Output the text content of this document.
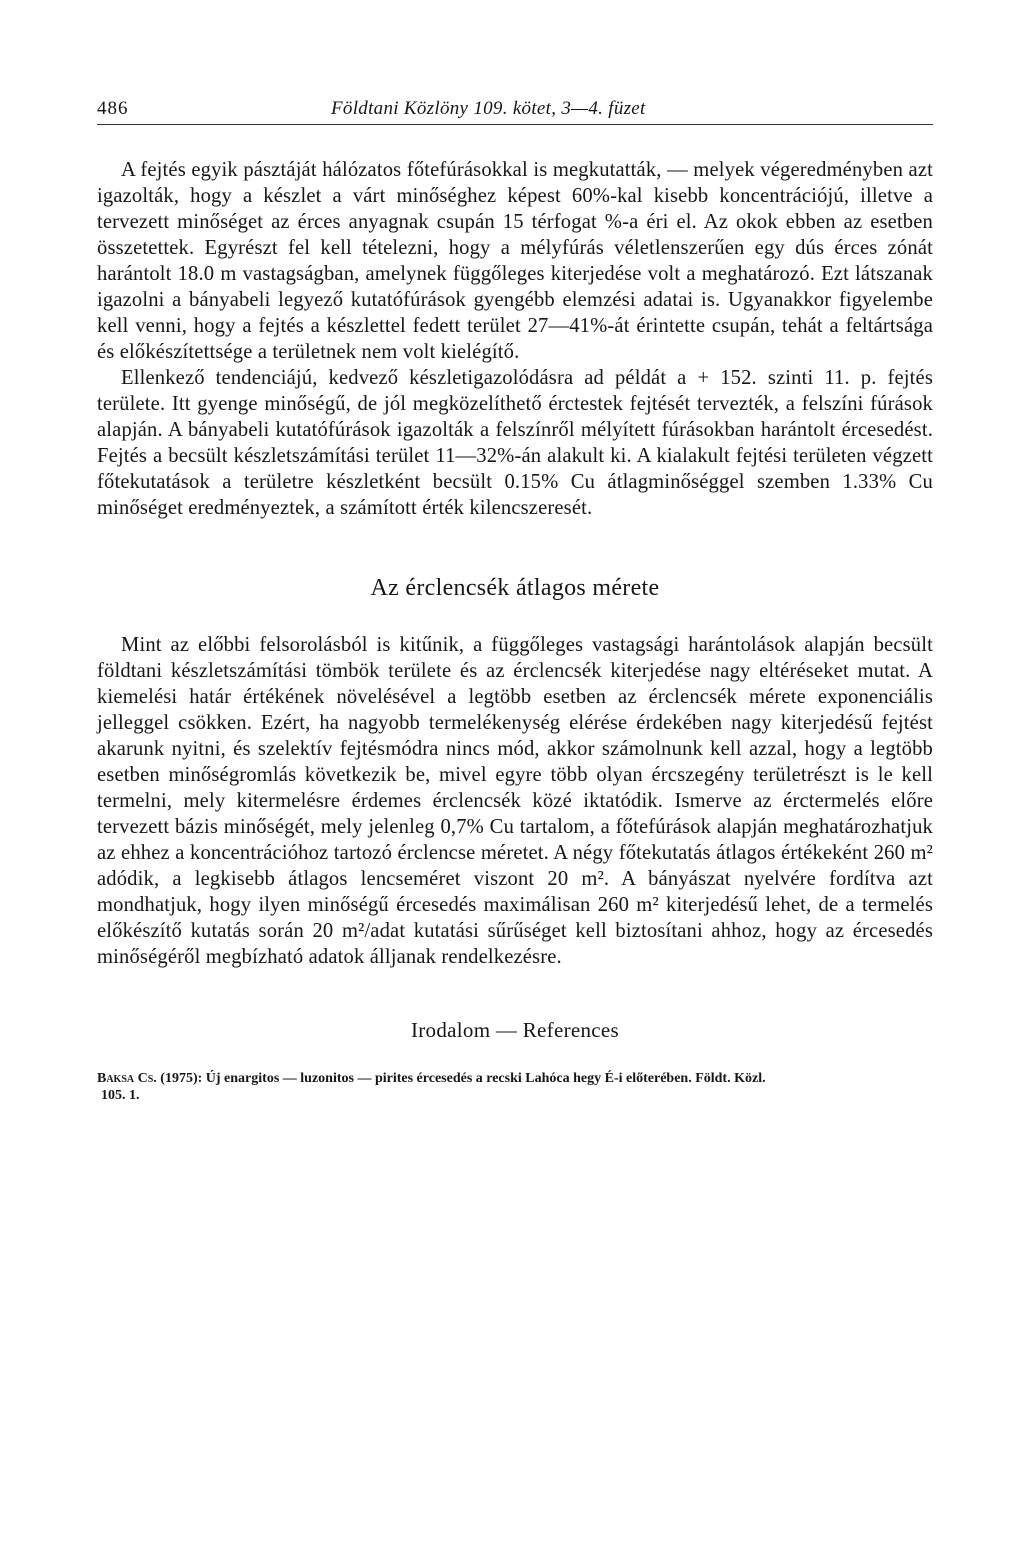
486	Földtani Közlöny 109. kötet, 3—4. füzet

A fejtés egyik pásztáját hálózatos főtefúrásokkal is megkutatták, — melyek végeredményben azt igazolták, hogy a készlet a várt minőséghez képest 60%-kal kisebb koncentrációjú, illetve a tervezett minőséget az érces anyagnak csupán 15 térfogat %-a éri el. Az okok ebben az esetben összetettek. Egyrészt fel kell tételezni, hogy a mélyfúrás véletlenszerűen egy dús érces zónát harántolt 18.0 m vastagságban, amelynek függőleges kiterjedése volt a meghatározó. Ezt látszanak igazolni a bányabeli legyező kutatófúrások gyengébb elemzési adatai is. Ugyanakkor figyelembe kell venni, hogy a fejtés a készlettel fedett terület 27—41%-át érintette csupán, tehát a feltártsága és előkészítettsége a területnek nem volt kielégítő.

Ellenkező tendenciájú, kedvező készletigazolódásra ad példát a + 152. szinti 11. p. fejtés területe. Itt gyenge minőségű, de jól megközelíthető érctestek fejtését tervezték, a felszíni fúrások alapján. A bányabeli kutatófúrások igazolták a felszínről mélyített fúrásokban harántolt ércesedést. Fejtés a becsült készletszámítási terület 11—32%-án alakult ki. A kialakult fejtési területen végzett főtekutatások a területre készletként becsült 0.15% Cu átlagminőséggel szemben 1.33% Cu minőséget eredményeztek, a számított érték kilencszeresét.

Az érclencsék átlagos mérete

Mint az előbbi felsorolásból is kitűnik, a függőleges vastagsági harántolások alapján becsült földtani készletszámítási tömbök területe és az érclencsék kiterjedése nagy eltéréseket mutat. A kiemelési határ értékének növelésével a legtöbb esetben az érclencsék mérete exponenciális jelleggel csökken. Ezért, ha nagyobb termelékenység elérése érdekében nagy kiterjedésű fejtést akarunk nyitni, és szelektív fejtésmódra nincs mód, akkor számolnunk kell azzal, hogy a legtöbb esetben minőségromlás következik be, mivel egyre több olyan ércszegény területrészt is le kell termelni, mely kitermelésre érdemes érclencsék közé iktatódik. Ismerve az érctermelés előre tervezett bázis minőségét, mely jelenleg 0,7% Cu tartalom, a főtefúrások alapján meghatározhatjuk az ehhez a koncentrációhoz tartozó érclencse méretet. A négy főtekutatás átlagos értékeként 260 m² adódik, a legkisebb átlagos lencseméret viszont 20 m². A bányászat nyelvére fordítva azt mondhatjuk, hogy ilyen minőségű ércesedés maximálisan 260 m² kiterjedésű lehet, de a termelés előkészítő kutatás során 20 m²/adat kutatási sűrűséget kell biztosítani ahhoz, hogy az ércesedés minőségéről megbízható adatok álljanak rendelkezésre.

Irodalom — References
Baksa Cs. (1975): Új enargitos — luzonitos — pirites ércesedés a recski Lahóca hegy É-i előterében. Földt. Közl.
105. 1.
